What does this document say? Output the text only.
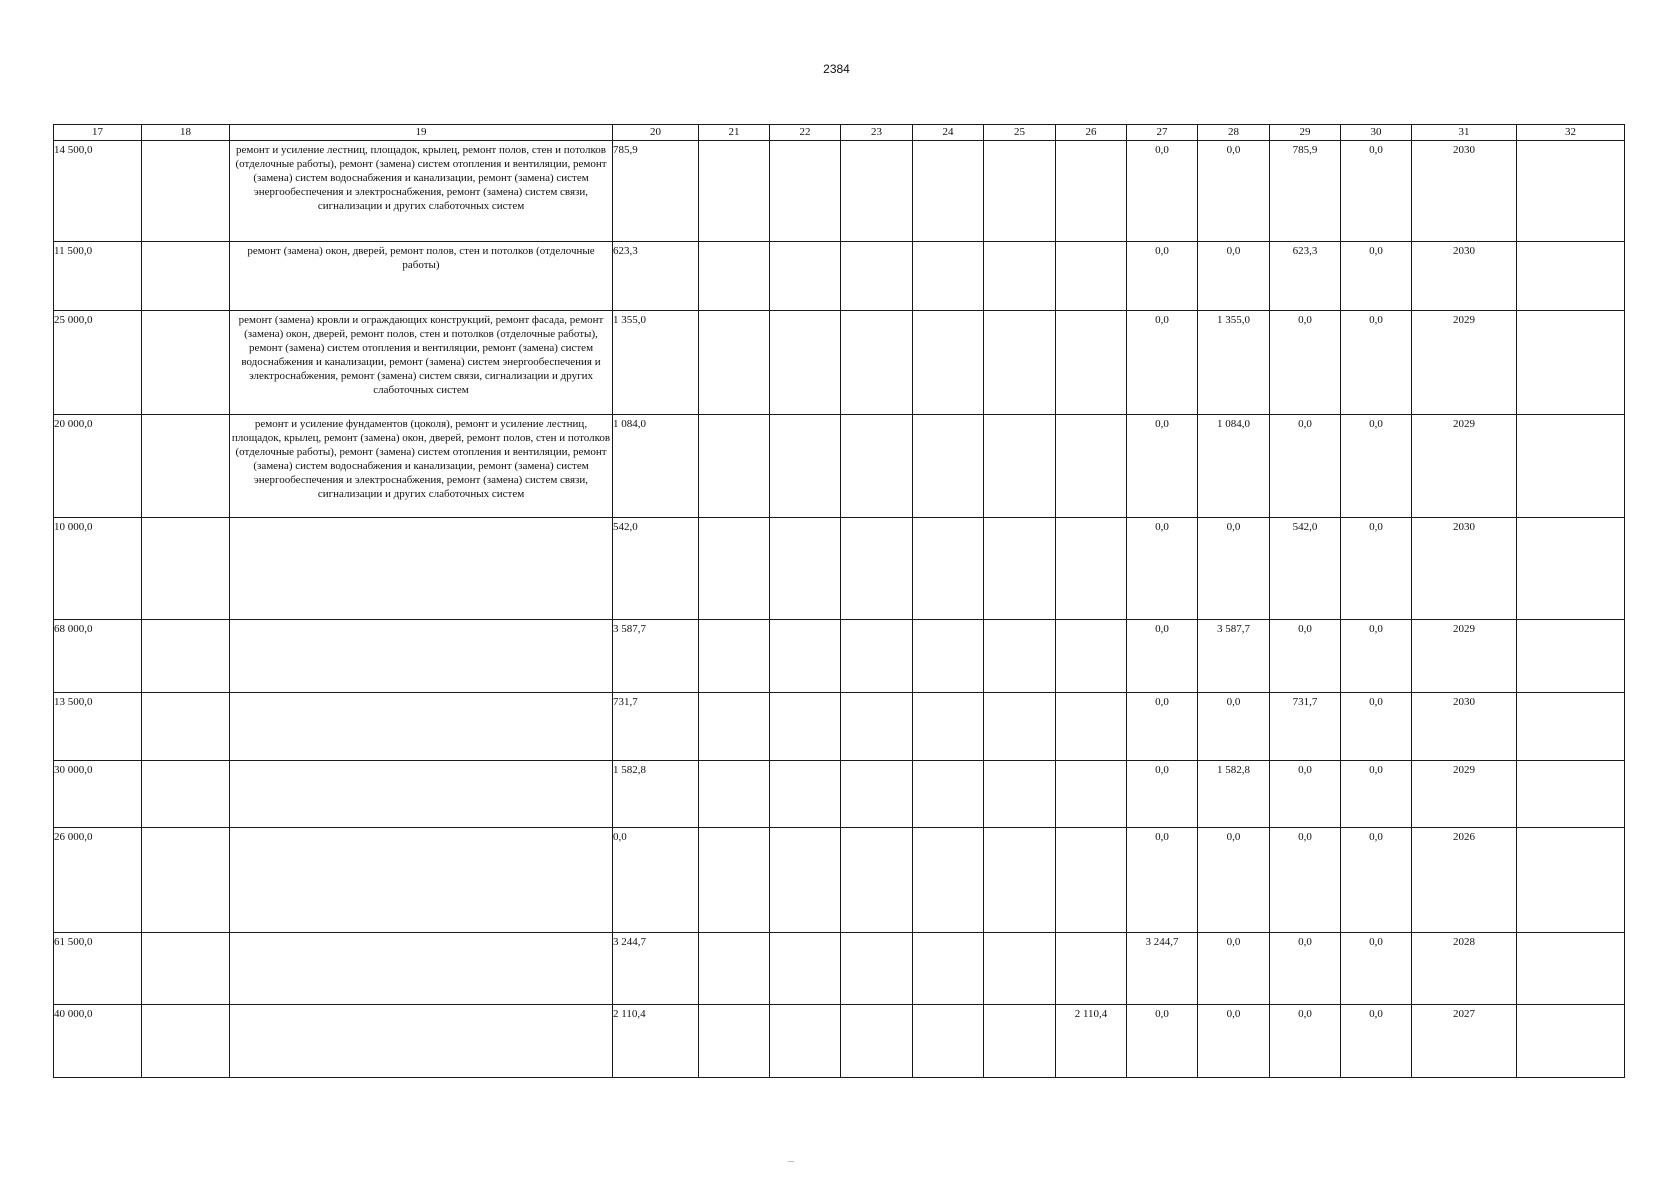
2384
17	18	19	20	21	22	23	24	25	26	27	28	29	30	31	32
14 500,0		ремонт и усиление лестниц, площадок, крылец, ремонт полов, стен и потолков (отделочные работы), ремонт (замена) систем отопления и вентиляции, ремонт (замена) систем водоснабжения и канализации, ремонт (замена) систем энергообеспечения и электроснабжения, ремонт (замена) систем связи, сигнализации и других слаботочных систем	785,9							0,0	0,0	785,9	0,0	2030	
11 500,0		ремонт (замена) окон, дверей, ремонт полов, стен и потолков (отделочные работы)	623,3							0,0	0,0	623,3	0,0	2030	
25 000,0		ремонт (замена) кровли и ограждающих конструкций, ремонт фасада, ремонт (замена) окон, дверей, ремонт полов, стен и потолков (отделочные работы), ремонт (замена) систем отопления и вентиляции, ремонт (замена) систем водоснабжения и канализации, ремонт (замена) систем энергообеспечения и электроснабжения, ремонт (замена) систем связи, сигнализации и других слаботочных систем	1 355,0							0,0	1 355,0	0,0	0,0	2029	
20 000,0		ремонт и усиление фундаментов (цоколя), ремонт и усиление лестниц, площадок, крылец, ремонт (замена) окон, дверей, ремонт полов, стен и потолков (отделочные работы), ремонт (замена) систем отопления и вентиляции, ремонт (замена) систем водоснабжения и канализации, ремонт (замена) систем энергообеспечения и электроснабжения, ремонт (замена) систем связи, сигнализации и других слаботочных систем	1 084,0							0,0	1 084,0	0,0	0,0	2029	
10 000,0			542,0							0,0	0,0	542,0	0,0	2030	
68 000,0			3 587,7							0,0	3 587,7	0,0	0,0	2029	
13 500,0			731,7							0,0	0,0	731,7	0,0	2030	
30 000,0			1 582,8							0,0	1 582,8	0,0	0,0	2029	
26 000,0			0,0							0,0	0,0	0,0	0,0	2026	
61 500,0			3 244,7							3 244,7	0,0	0,0	0,0	2028	
40 000,0			2 110,4						2 110,4	0,0	0,0	0,0	0,0	2027	
